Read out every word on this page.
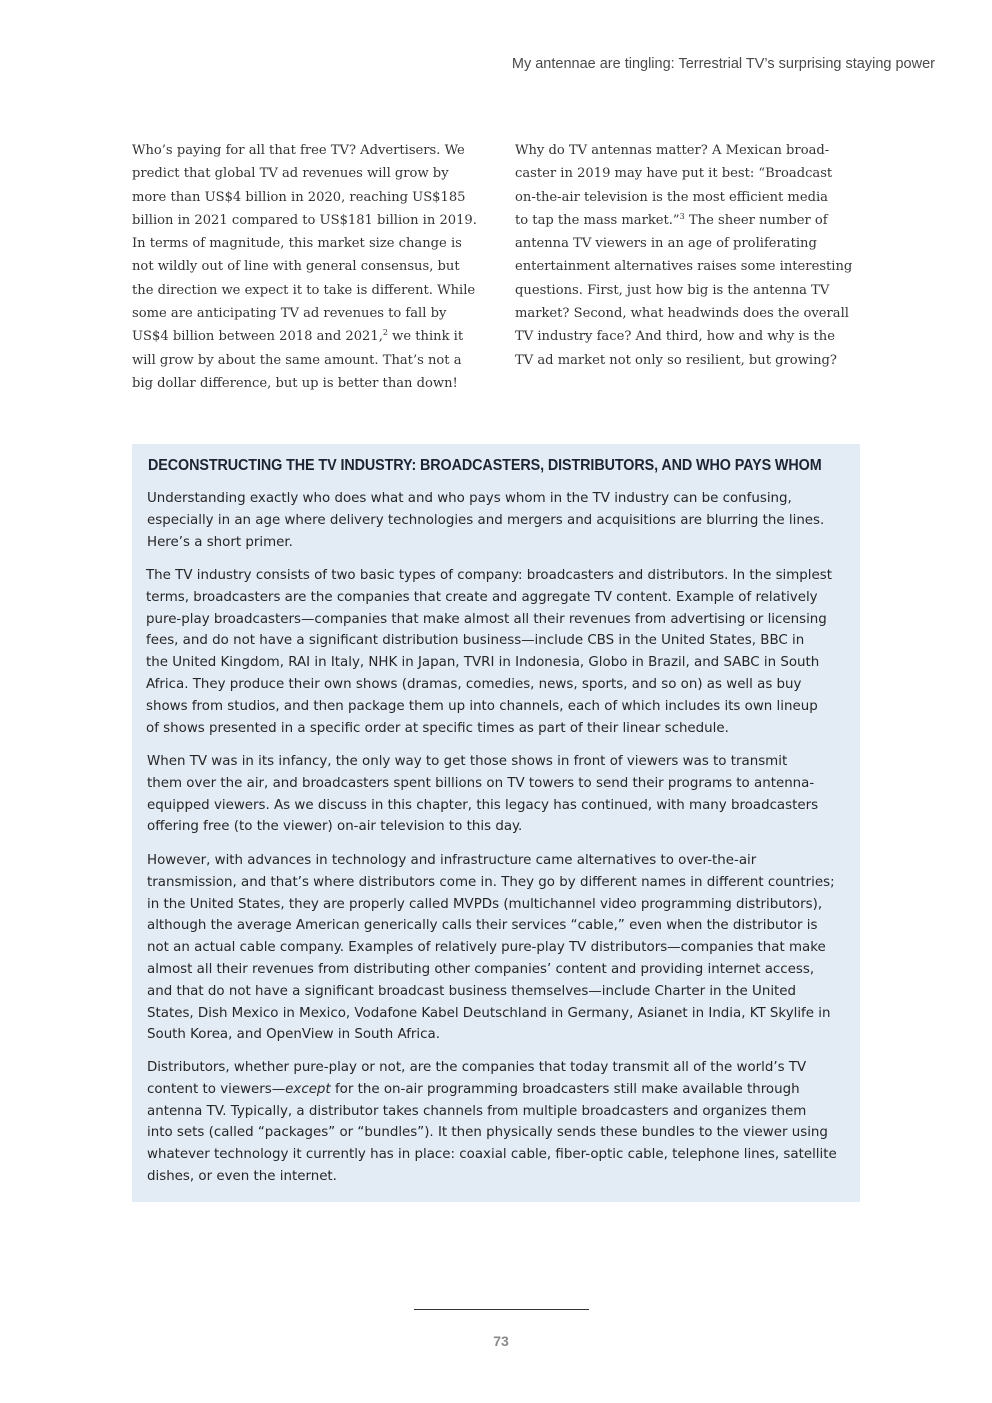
My antennae are tingling: Terrestrial TV’s surprising staying power
Who’s paying for all that free TV? Advertisers. We
predict that global TV ad revenues will grow by
more than US$4 billion in 2020, reaching US$185
billion in 2021 compared to US$181 billion in 2019.
In terms of magnitude, this market size change is
not wildly out of line with general consensus, but
the direction we expect it to take is different. While
some are anticipating TV ad revenues to fall by
US$4 billion between 2018 and 2021,$^2$ we think it
will grow by about the same amount. That’s not a
big dollar difference, but up is better than down!
Why do TV antennas matter? A Mexican broad-
caster in 2019 may have put it best: “Broadcast
on-the-air television is the most efficient media
to tap the mass market.”$^3$ The sheer number of
antenna TV viewers in an age of proliferating
entertainment alternatives raises some interesting
questions. First, just how big is the antenna TV
market? Second, what headwinds does the overall
TV industry face? And third, how and why is the
TV ad market not only so resilient, but growing?
DECONSTRUCTING THE TV INDUSTRY: BROADCASTERS, DISTRIBUTORS, AND WHO PAYS WHOM
Understanding exactly who does what and who pays whom in the TV industry can be confusing,
especially in an age where delivery technologies and mergers and acquisitions are blurring the lines.
Here’s a short primer.
The TV industry consists of two basic types of company: broadcasters and distributors. In the simplest
terms, broadcasters are the companies that create and aggregate TV content. Example of relatively
pure-play broadcasters—companies that make almost all their revenues from advertising or licensing
fees, and do not have a significant distribution business—include CBS in the United States, BBC in
the United Kingdom, RAI in Italy, NHK in Japan, TVRI in Indonesia, Globo in Brazil, and SABC in South
Africa. They produce their own shows (dramas, comedies, news, sports, and so on) as well as buy
shows from studios, and then package them up into channels, each of which includes its own lineup
of shows presented in a specific order at specific times as part of their linear schedule.
When TV was in its infancy, the only way to get those shows in front of viewers was to transmit
them over the air, and broadcasters spent billions on TV towers to send their programs to antenna-
equipped viewers. As we discuss in this chapter, this legacy has continued, with many broadcasters
offering free (to the viewer) on-air television to this day.
However, with advances in technology and infrastructure came alternatives to over-the-air
transmission, and that’s where distributors come in. They go by different names in different countries;
in the United States, they are properly called MVPDs (multichannel video programming distributors),
although the average American generically calls their services “cable,” even when the distributor is
not an actual cable company. Examples of relatively pure-play TV distributors—companies that make
almost all their revenues from distributing other companies’ content and providing internet access,
and that do not have a significant broadcast business themselves—include Charter in the United
States, Dish Mexico in Mexico, Vodafone Kabel Deutschland in Germany, Asianet in India, KT Skylife in
South Korea, and OpenView in South Africa.
Distributors, whether pure-play or not, are the companies that today transmit all of the world’s TV
content to viewers—except for the on-air programming broadcasters still make available through
antenna TV. Typically, a distributor takes channels from multiple broadcasters and organizes them
into sets (called “packages” or “bundles”). It then physically sends these bundles to the viewer using
whatever technology it currently has in place: coaxial cable, fiber-optic cable, telephone lines, satellite
dishes, or even the internet.
73
